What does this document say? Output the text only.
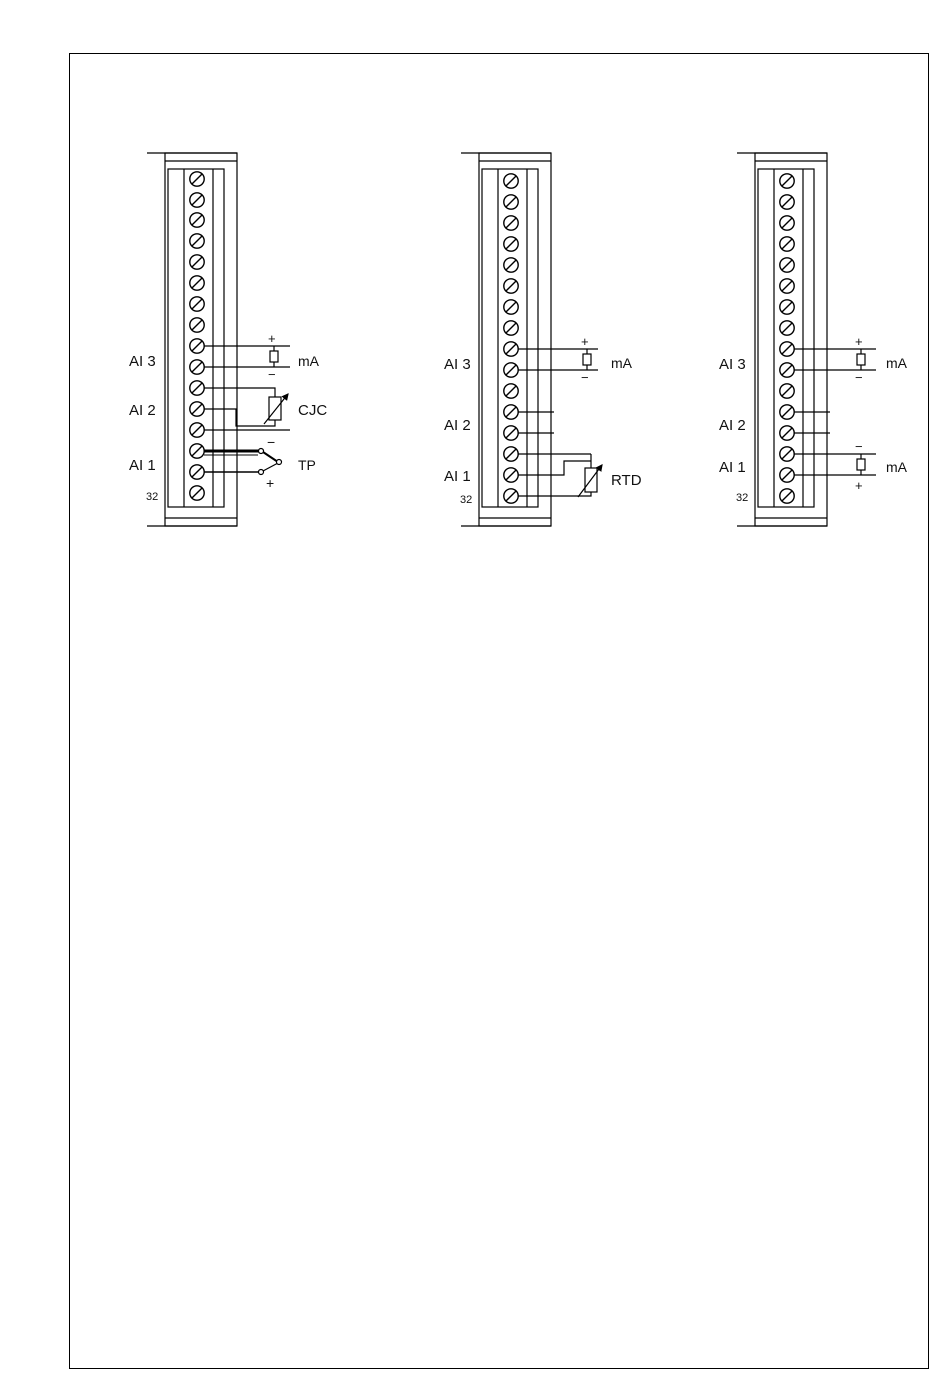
AI 3
AI 2
AI 1
32
mA
CJC
TP
+
−
−
+
AI 3
AI 2
AI 1
32
mA
RTD
+
−
AI 3
AI 2
AI 1
32
mA
mA
+
−
−
+
